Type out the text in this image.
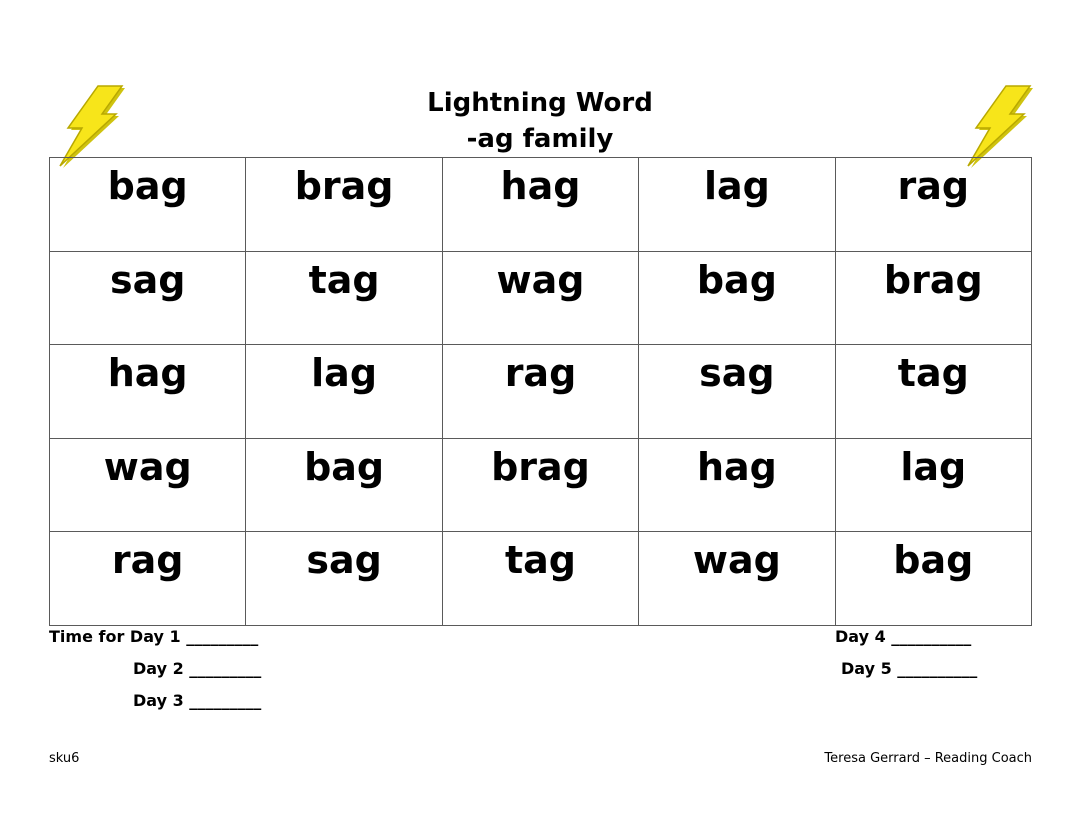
Lightning Word
-ag family
bag	brag	hag	lag	rag
sag	tag	wag	bag	brag
hag	lag	rag	sag	tag
wag	bag	brag	hag	lag
rag	sag	tag	wag	bag
Time for Day 1 _________
Day 2 _________
Day 3 _________
Day 4 __________
Day 5 __________
sku6	Teresa Gerrard – Reading Coach
